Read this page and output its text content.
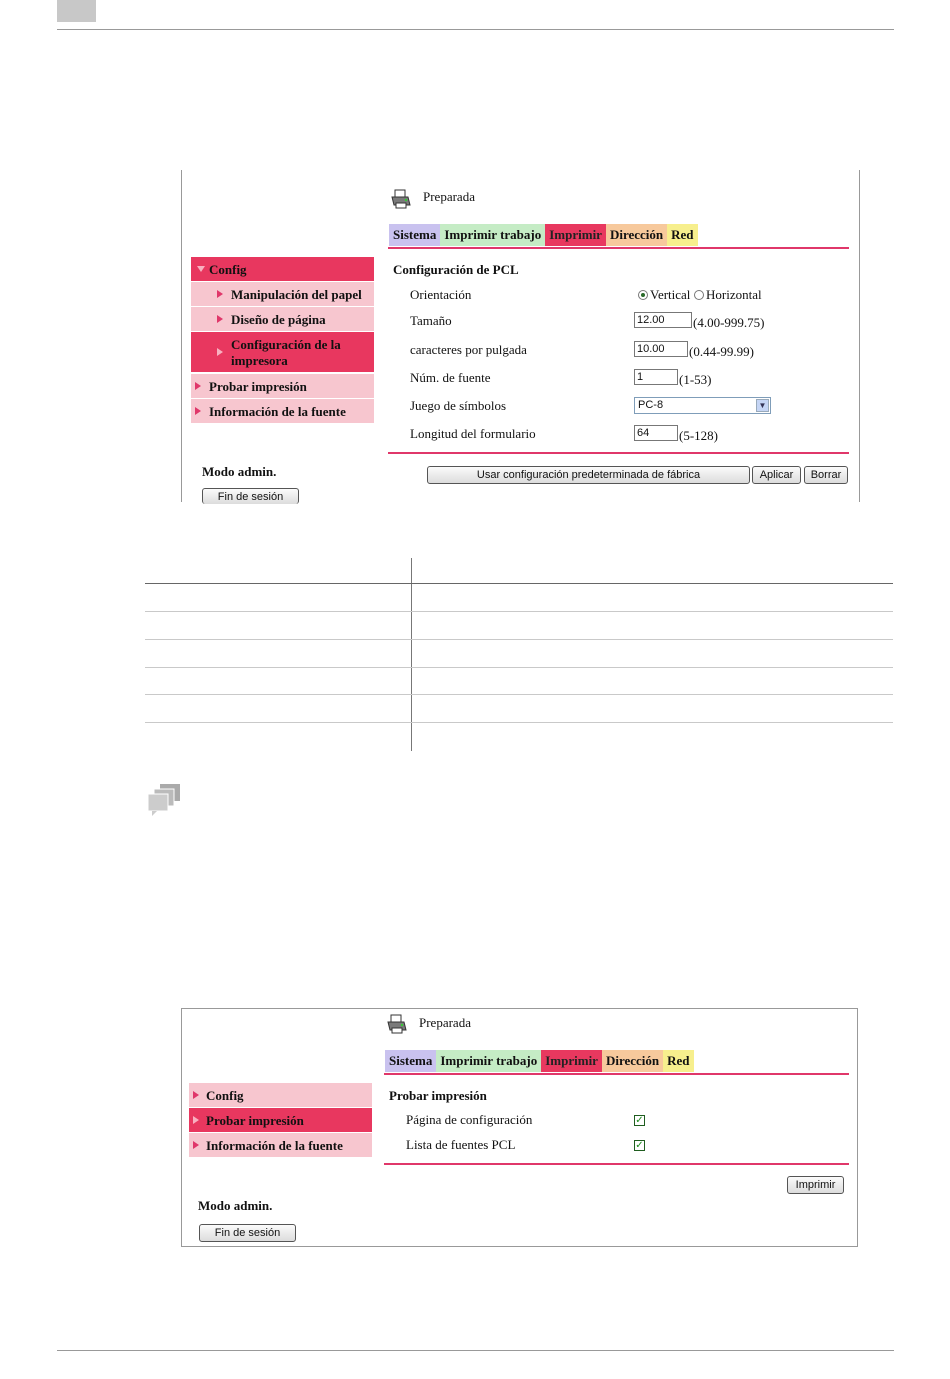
Preparada
Sistema Imprimir trabajo Imprimir Dirección Red
Config
Manipulación del papel
Diseño de página
Configuración de la
impresora
Probar impresión
Información de la fuente
Modo admin.
Fin de sesión
Configuración de PCL
Orientación	Vertical Horizontal
Tamaño	12.00	(4.00-999.75)
caracteres por pulgada	10.00	(0.44-99.99)
Núm. de fuente	1	(1-53)
Juego de símbolos	PC-8	▼
Longitud del formulario	64	(5-128)
Usar configuración predeterminada de fábrica	Aplicar	Borrar
Preparada
Sistema Imprimir trabajo Imprimir Dirección Red
Config
Probar impresión
Información de la fuente
Probar impresión
Página de configuración	✓
Lista de fuentes PCL	✓
Imprimir
Modo admin.
Fin de sesión
